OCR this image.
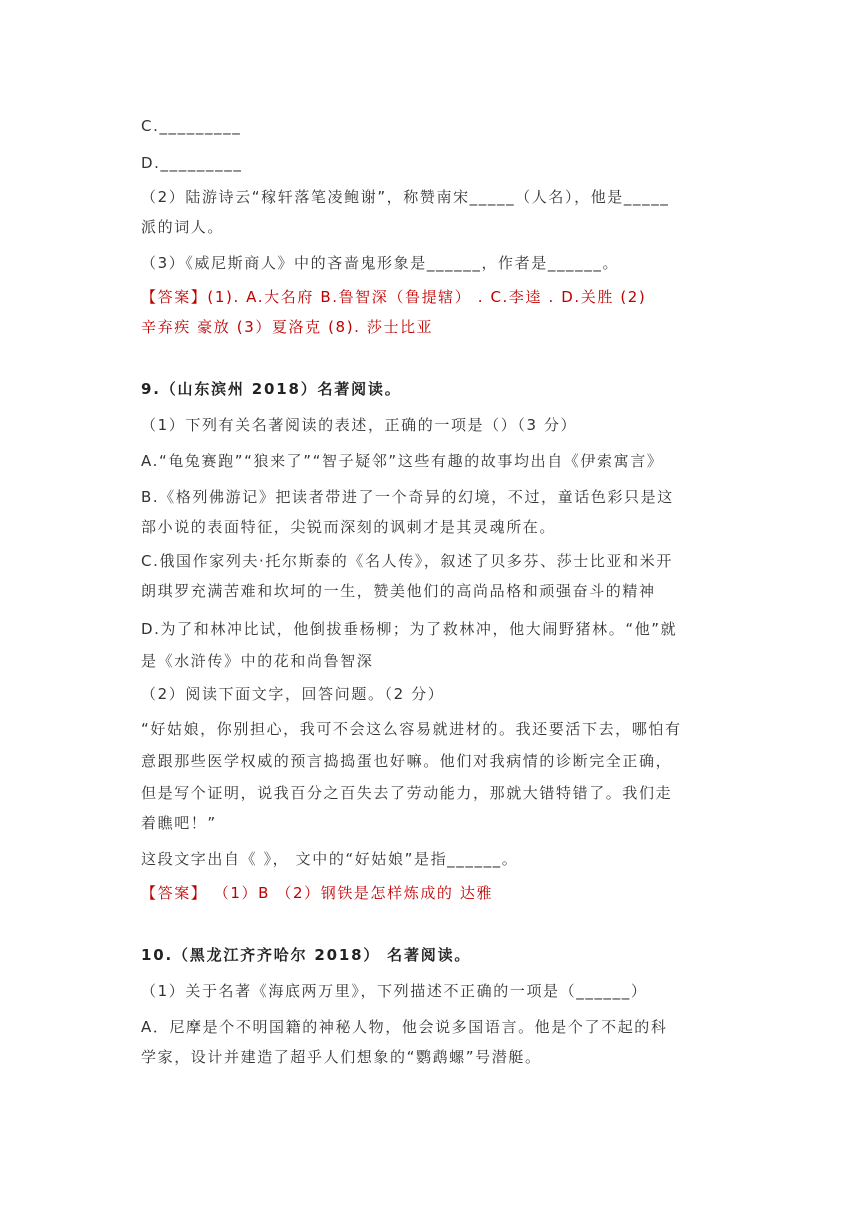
C._________
D._________
（2）陆游诗云“稼轩落笔凌鲍谢”，称赞南宋_____（人名），他是_____
派的词人。
（3）《威尼斯商人》中的吝啬鬼形象是______，作者是______。
【答案】(1). A.大名府 B.鲁智深（鲁提辖） . C.李逵 . D.关胜 (2)
辛弃疾 豪放 (3）夏洛克 (8). 莎士比亚
9.（山东滨州 2018）名著阅读。
（1）下列有关名著阅读的表述，正确的一项是（）（3 分）
A.“龟兔赛跑”“狼来了”“智子疑邻”这些有趣的故事均出自《伊索寓言》
B.《格列佛游记》把读者带进了一个奇异的幻境，不过，童话色彩只是这
部小说的表面特征，尖锐而深刻的讽刺才是其灵魂所在。
C.俄国作家列夫·托尔斯泰的《名人传》，叙述了贝多芬、莎士比亚和米开
朗琪罗充满苦难和坎坷的一生，赞美他们的高尚品格和顽强奋斗的精神
D.为了和林冲比试，他倒拔垂杨柳；为了救林冲，他大闹野猪林。“他”就
是《水浒传》中的花和尚鲁智深
（2）阅读下面文字，回答问题。（2 分）
“好姑娘，你别担心，我可不会这么容易就进材的。我还要活下去，哪怕有
意跟那些医学权威的预言捣捣蛋也好嘛。他们对我病情的诊断完全正确，
但是写个证明，说我百分之百失去了劳动能力，那就大错特错了。我们走
着瞧吧！”
这段文字出自《 》， 文中的“好姑娘”是指______。
【答案】 （1）B （2）钢铁是怎样炼成的 达雅
10.（黑龙江齐齐哈尔 2018） 名著阅读。
（1）关于名著《海底两万里》，下列描述不正确的一项是（______）
A．尼摩是个不明国籍的神秘人物，他会说多国语言。他是个了不起的科
学家，设计并建造了超乎人们想象的“鹦鹉螺”号潜艇。
